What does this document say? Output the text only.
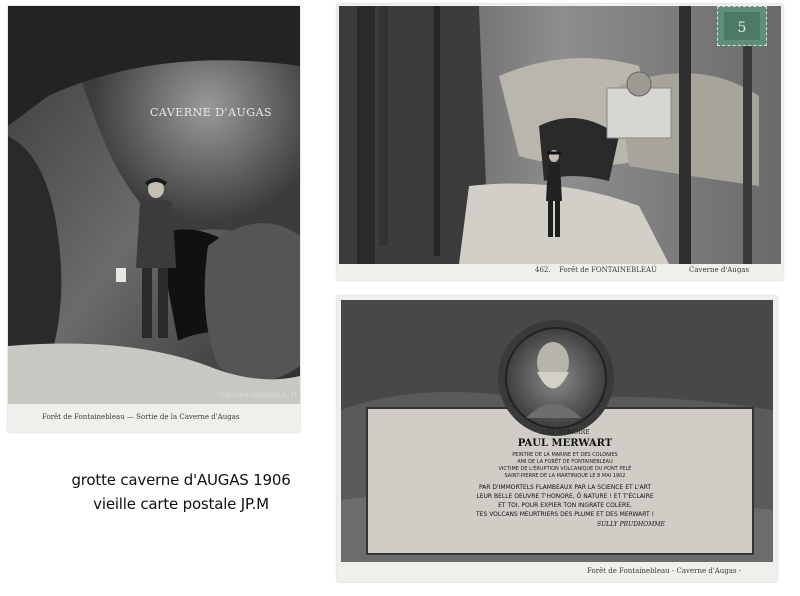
CAVERNE D'AUGAS
Collection Artistique L. M.
Forêt de Fontainebleau — Sortie de la Caverne d'Augas
5
462. Forêt de FONTAINEBLEAU	Caverne d'Augas
A LA MÉMOIRE
PAUL MERWART
PEINTRE DE LA MARINE ET DES COLONIES
AMI DE LA FORÊT DE FONTAINEBLEAU
VICTIME DE L'ÉRUPTION VOLCANIQUE DU PONT PELÉ
SAINT-PIERRE DE LA MARTINIQUE LE 8 MAI 1902
PAR D'IMMORTELS FLAMBEAUX PAR LA SCIENCE ET L'ART
LEUR BELLE OEUVRE T'HONORE, Ô NATURE ! ET T'ÉCLAIRE
ET TOI, POUR EXPIER TON INGRATE COLÈRE,
TES VOLCANS MEURTRIERS DES PLUME ET DES MERWART !
SULLY PRUDHOMME
Forêt de Fontainebleau - Caverne d'Augas -
grotte caverne d'AUGAS 1906
vieille carte postale JP.M
